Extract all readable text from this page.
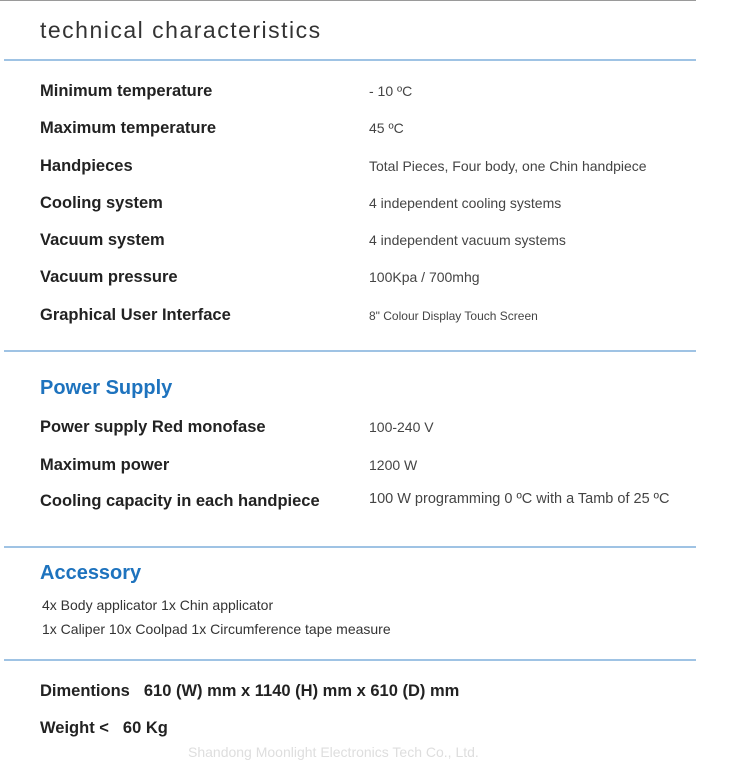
technical characteristics
Minimum temperature	- 10 ºC
Maximum temperature	45 ºC
Handpieces	Total Pieces, Four body, one Chin handpiece
Cooling system	4 independent cooling systems
Vacuum system	4 independent vacuum systems
Vacuum pressure	100Kpa / 700mhg
Graphical User Interface	8" Colour Display Touch Screen
Power Supply
Power supply Red monofase	100-240 V
Maximum power	1200 W
Cooling capacity in each handpiece	100 W programming 0 ºC with a Tamb of 25 ºC
Accessory
4x Body applicator 1x Chin applicator
1x Caliper 10x Coolpad 1x Circumference tape measure
Dimentions 610 (W) mm x 1140 (H) mm x 610 (D) mm
Weight < 60 Kg
Shandong Moonlight Electronics Tech Co., Ltd.
